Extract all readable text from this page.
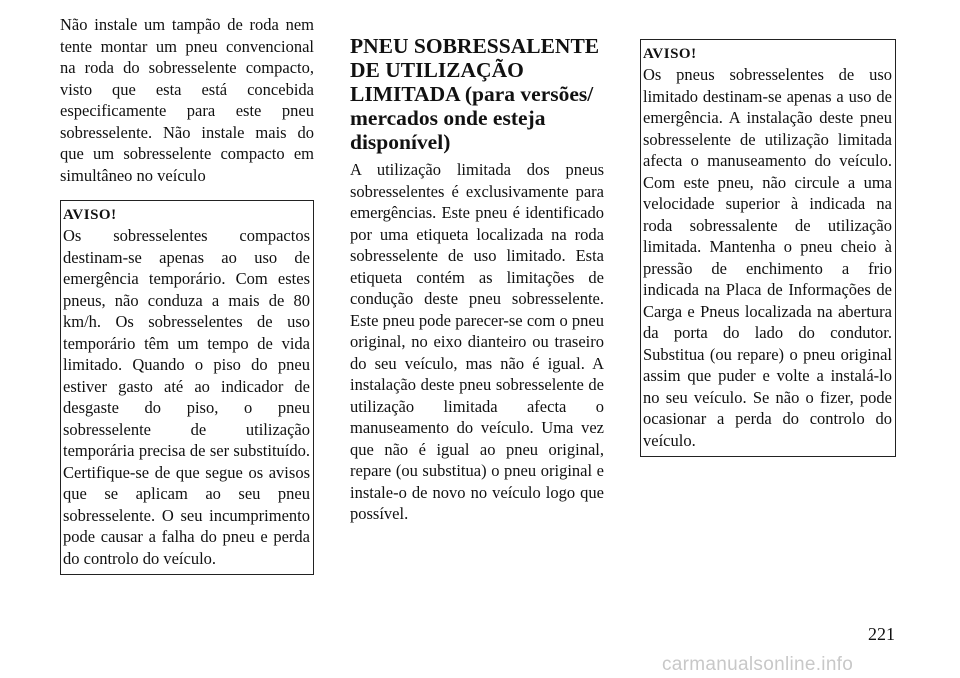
Não instale um tampão de roda nem tente montar um pneu convencional na roda do sobresselente compacto, visto que esta está concebida especificamente para este pneu sobresselente. Não instale mais do que um sobresselente compacto em simultâneo no veículo

AVISO!

Os sobresselentes compactos destinam-se apenas ao uso de emergência temporário. Com estes pneus, não conduza a mais de 80 km/h. Os sobresselentes de uso temporário têm um tempo de vida limitado. Quando o piso do pneu estiver gasto até ao indicador de desgaste do piso, o pneu sobresselente de utilização temporária precisa de ser substituído. Certifique-se de que segue os avisos que se aplicam ao seu pneu sobresselente. O seu incumprimento pode causar a falha do pneu e perda do controlo do veículo.

PNEU SOBRESSALENTE DE UTILIZAÇÃO LIMITADA (para versões/ mercados onde esteja disponível)

A utilização limitada dos pneus sobresselentes é exclusivamente para emergências. Este pneu é identificado por uma etiqueta localizada na roda sobresselente de uso limitado. Esta etiqueta contém as limitações de condução deste pneu sobresselente. Este pneu pode parecer-se com o pneu original, no eixo dianteiro ou traseiro do seu veículo, mas não é igual. A instalação deste pneu sobresselente de utilização limitada afecta o manuseamento do veículo. Uma vez que não é igual ao pneu original, repare (ou substitua) o pneu original e instale-o de novo no veículo logo que possível.

AVISO!

Os pneus sobresselentes de uso limitado destinam-se apenas a uso de emergência. A instalação deste pneu sobresselente de utilização limitada afecta o manuseamento do veículo. Com este pneu, não circule a uma velocidade superior à indicada na roda sobressalente de utilização limitada. Mantenha o pneu cheio à pressão de enchimento a frio indicada na Placa de Informações de Carga e Pneus localizada na abertura da porta do lado do condutor. Substitua (ou repare) o pneu original assim que puder e volte a instalá-lo no seu veículo. Se não o fizer, pode ocasionar a perda do controlo do veículo.

221
carmanualsonline.info
